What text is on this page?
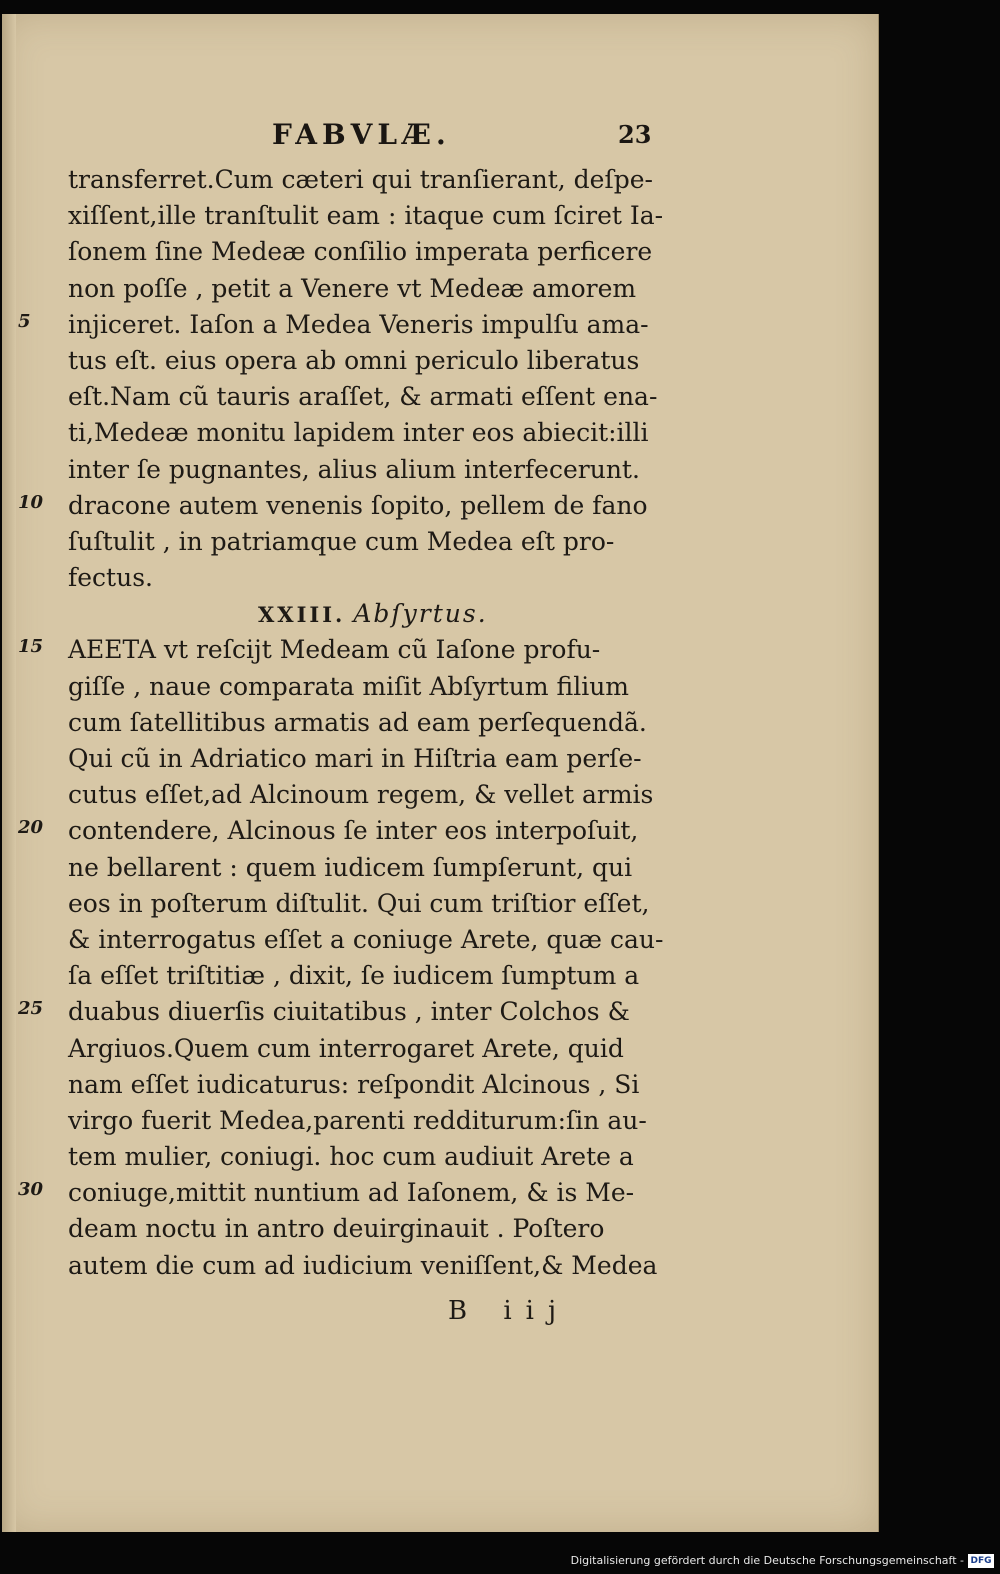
FABVLÆ.	23
transferret.Cum cæteri qui tranſierant, deſpe-
xiſſent,ille tranſtulit eam : itaque cum ſciret Ia-
ſonem ſine Medeæ conſilio imperata perficere
non poſſe , petit a Venere vt Medeæ amorem
5 injiceret. Iaſon a Medea Veneris impulſu ama-
tus eſt. eius opera ab omni periculo liberatus
eſt.Nam cũ tauris araſſet, & armati eſſent ena-
ti,Medeæ monitu lapidem inter eos abiecit:illi
inter ſe pugnantes, alius alium interfecerunt.
10 dracone autem venenis ſopito, pellem de fano
ſuſtulit , in patriamque cum Medea eſt pro-
fectus.
XXIII. Abſyrtus.
15 AEETA vt reſcijt Medeam cũ Iaſone profu-
giſſe , naue comparata miſit Abſyrtum filium
cum ſatellitibus armatis ad eam perſequendã.
Qui cũ in Adriatico mari in Hiſtria eam perſe-
cutus eſſet,ad Alcinoum regem, & vellet armis
20 contendere, Alcinous ſe inter eos interpoſuit,
ne bellarent : quem iudicem ſumpſerunt, qui
eos in poſterum diſtulit. Qui cum triſtior eſſet,
& interrogatus eſſet a coniuge Arete, quæ cau-
ſa eſſet triſtitiæ , dixit, ſe iudicem ſumptum a
25 duabus diuerſis ciuitatibus , inter Colchos &
Argiuos.Quem cum interrogaret Arete, quid
nam eſſet iudicaturus: reſpondit Alcinous , Si
virgo fuerit Medea,parenti redditurum:ſin au-
tem mulier, coniugi. hoc cum audiuit Arete a
30 coniuge,mittit nuntium ad Iaſonem, & is Me-
deam noctu in antro deuirginauit . Poſtero
autem die cum ad iudicium veniſſent,& Medea
B iij
Digitalisierung gefördert durch die Deutsche Forschungsgemeinschaft - DFG
